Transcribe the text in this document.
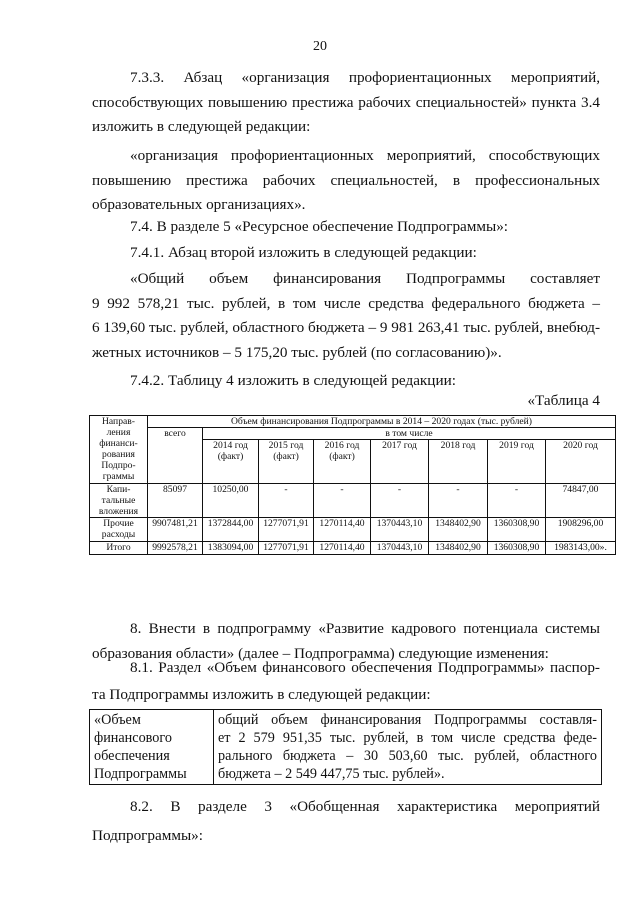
20
7.3.3. Абзац «организация профориентационных мероприятий,
способствующих повышению престижа рабочих специальностей» пункта 3.4
изложить в следующей редакции:
«организация профориентационных мероприятий, способствующих
повышению престижа рабочих специальностей, в профессиональных
образовательных организациях».
7.4. В разделе 5 «Ресурсное обеспечение Подпрограммы»:
7.4.1. Абзац второй изложить в следующей редакции:
«Общий объем финансирования Подпрограммы составляет
9 992 578,21 тыс. рублей, в том числе средства федерального бюджета –
6 139,60 тыс. рублей, областного бюджета – 9 981 263,41 тыс. рублей, внебюд-
жетных источников – 5 175,20 тыс. рублей (по согласованию)».
7.4.2. Таблицу 4 изложить в следующей редакции:
«Таблица 4
Направ-ления финанси-рования Подпро-граммы	Объем финансирования Подпрограммы в 2014 – 2020 годах (тыс. рублей)							
	всего	в том числе						
		2014 год (факт)	2015 год (факт)	2016 год (факт)	2017 год	2018 год	2019 год	2020 год
Капи-тальные вложения	85097	10250,00	-	-	-	-	-	74847,00
Прочие расходы	9907481,21	1372844,00	1277071,91	1270114,40	1370443,10	1348402,90	1360308,90	1908296,00
Итого	9992578,21	1383094,00	1277071,91	1270114,40	1370443,10	1348402,90	1360308,90	1983143,00».
8. Внести в подпрограмму «Развитие кадрового потенциала системы
образования области» (далее – Подпрограмма) следующие изменения:
8.1. Раздел «Объем финансового обеспечения Подпрограммы» паспор-
та Подпрограммы изложить в следующей редакции:
«Объем
финансового
обеспечения
Подпрограммы

общий объем финансирования Подпрограммы составля-
ет 2 579 951,35 тыс. рублей, в том числе средства феде-
рального бюджета – 30 503,60 тыс. рублей, областного
бюджета – 2 549 447,75 тыс. рублей».
8.2. В разделе 3 «Обобщенная характеристика мероприятий
Подпрограммы»:
